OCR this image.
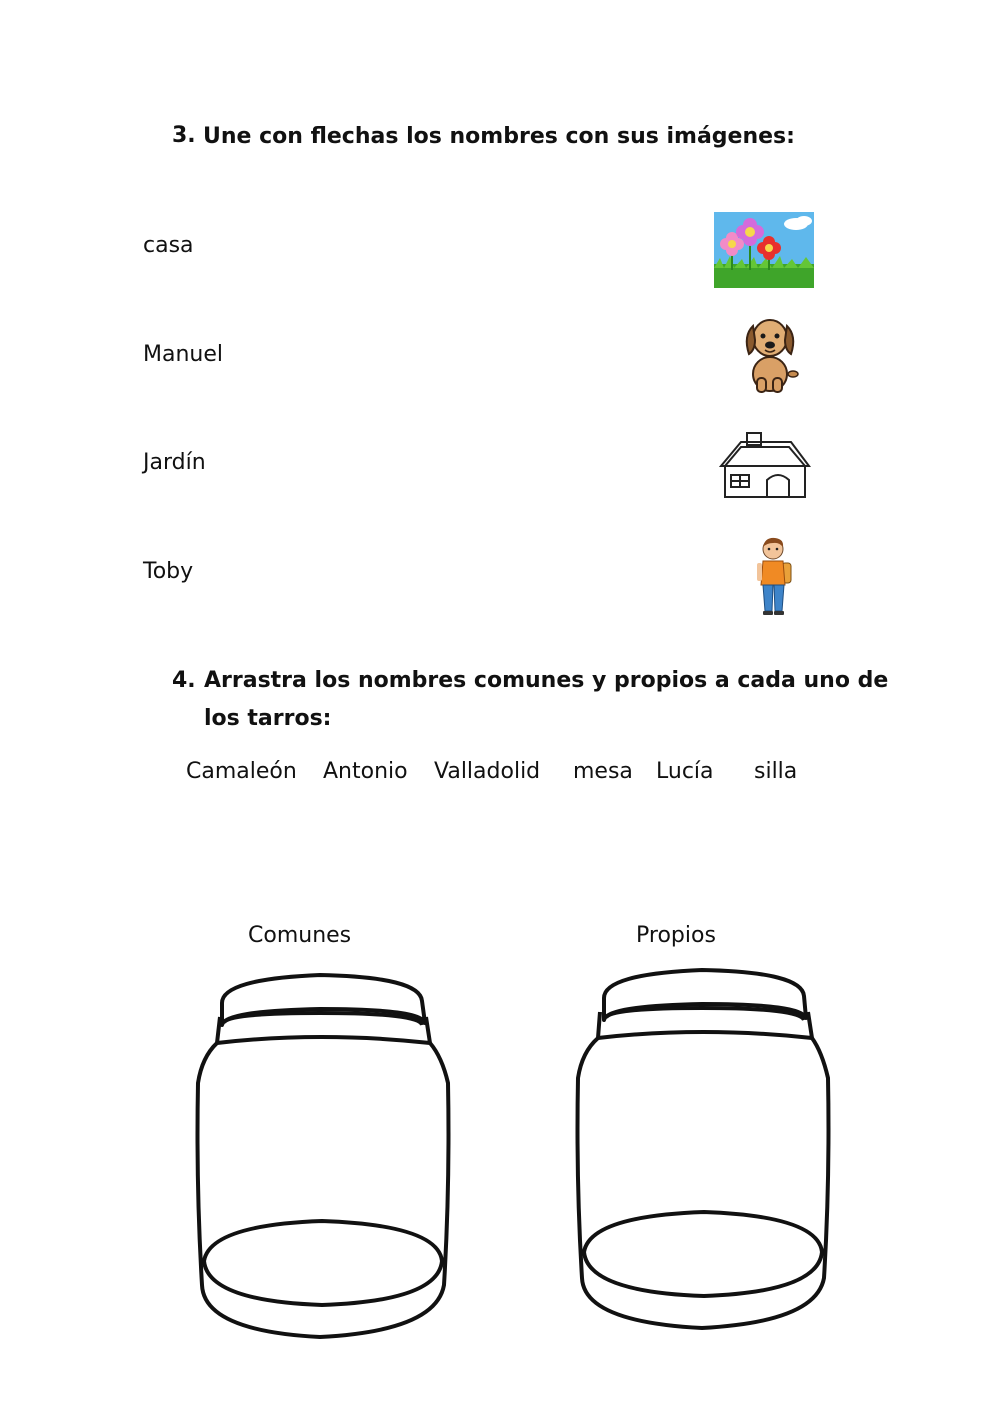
3. Une con flechas los nombres con sus imágenes:
casa
Manuel
Jardín
Toby
4. Arrastra los nombres comunes y propios a cada uno de
los tarros:
Camaleón Antonio Valladolid mesa Lucía silla
Comunes	Propios
